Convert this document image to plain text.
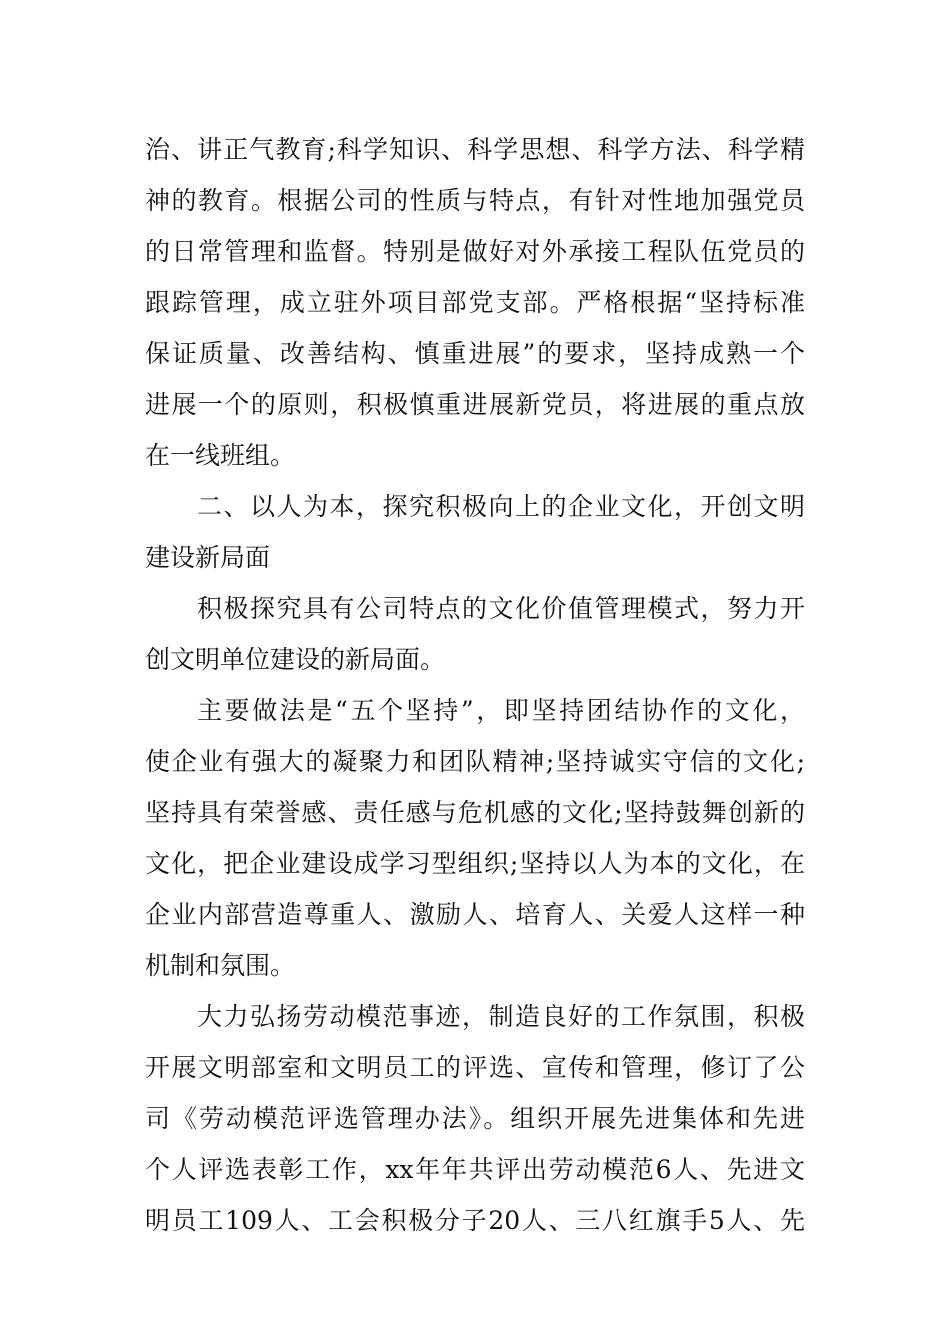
治、讲正气教育;科学知识、科学思想、科学方法、科学精
神的教育。根据公司的性质与特点，有针对性地加强党员
的日常管理和监督。特别是做好对外承接工程队伍党员的
跟踪管理，成立驻外项目部党支部。严格根据“坚持标准
保证质量、改善结构、慎重进展”的要求，坚持成熟一个
进展一个的原则，积极慎重进展新党员，将进展的重点放
在一线班组。
二、以人为本，探究积极向上的企业文化，开创文明
建设新局面
积极探究具有公司特点的文化价值管理模式，努力开
创文明单位建设的新局面。
主要做法是“五个坚持”，即坚持团结协作的文化，
使企业有强大的凝聚力和团队精神;坚持诚实守信的文化;
坚持具有荣誉感、责任感与危机感的文化;坚持鼓舞创新的
文化，把企业建设成学习型组织;坚持以人为本的文化，在
企业内部营造尊重人、激励人、培育人、关爱人这样一种
机制和氛围。
大力弘扬劳动模范事迹，制造良好的工作氛围，积极
开展文明部室和文明员工的评选、宣传和管理，修订了公
司《劳动模范评选管理办法》。组织开展先进集体和先进
个人评选表彰工作，xx年年共评出劳动模范6人、先进文
明员工109人、工会积极分子20人、三八红旗手5人、先
